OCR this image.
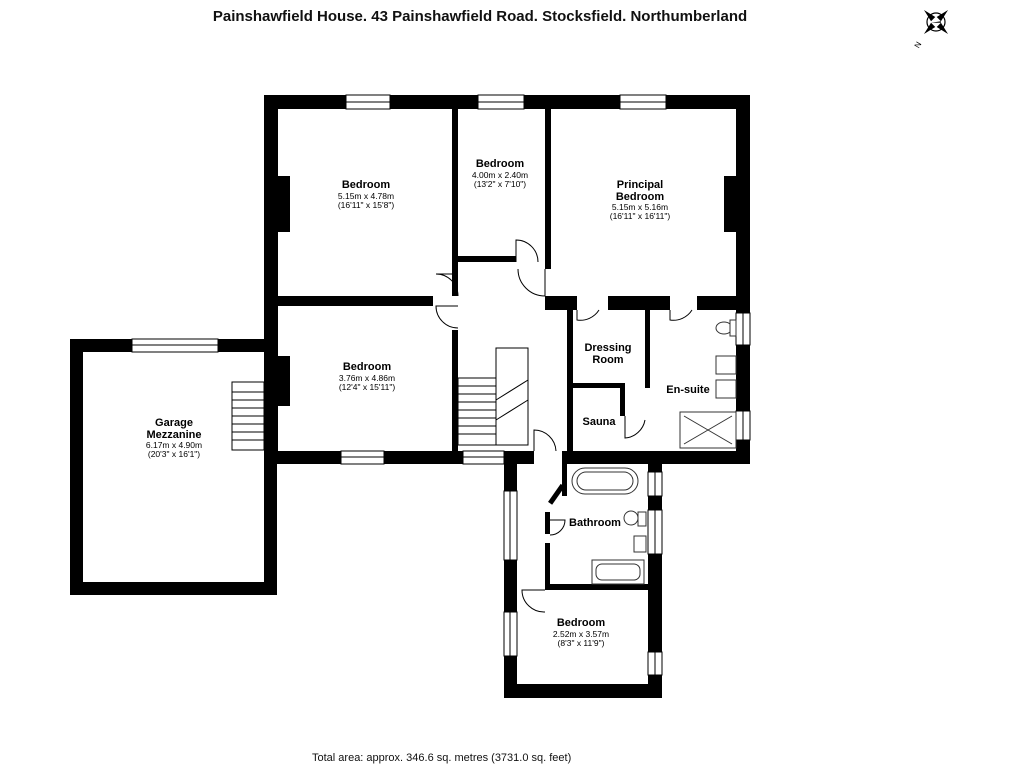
Painshawfield House. 43 Painshawfield Road. Stocksfield. Northumberland
Bedroom
5.15m x 4.78m
(16'11" x 15'8")
Bedroom
4.00m x 2.40m
(13'2" x 7'10")	Principal
Bedroom
5.15m x 5.16m
(16'11" x 16'11")
Bedroom
3.76m x 4.86m
(12'4" x 15'11")
Garage
Mezzanine
6.17m x 4.90m
(20'3" x 16'1")
Dressing
Room
En-suite
Sauna
Bathroom
Bedroom
2.52m x 3.57m
(8'3" x 11'9")
N
Total area: approx. 346.6 sq. metres (3731.0 sq. feet)
